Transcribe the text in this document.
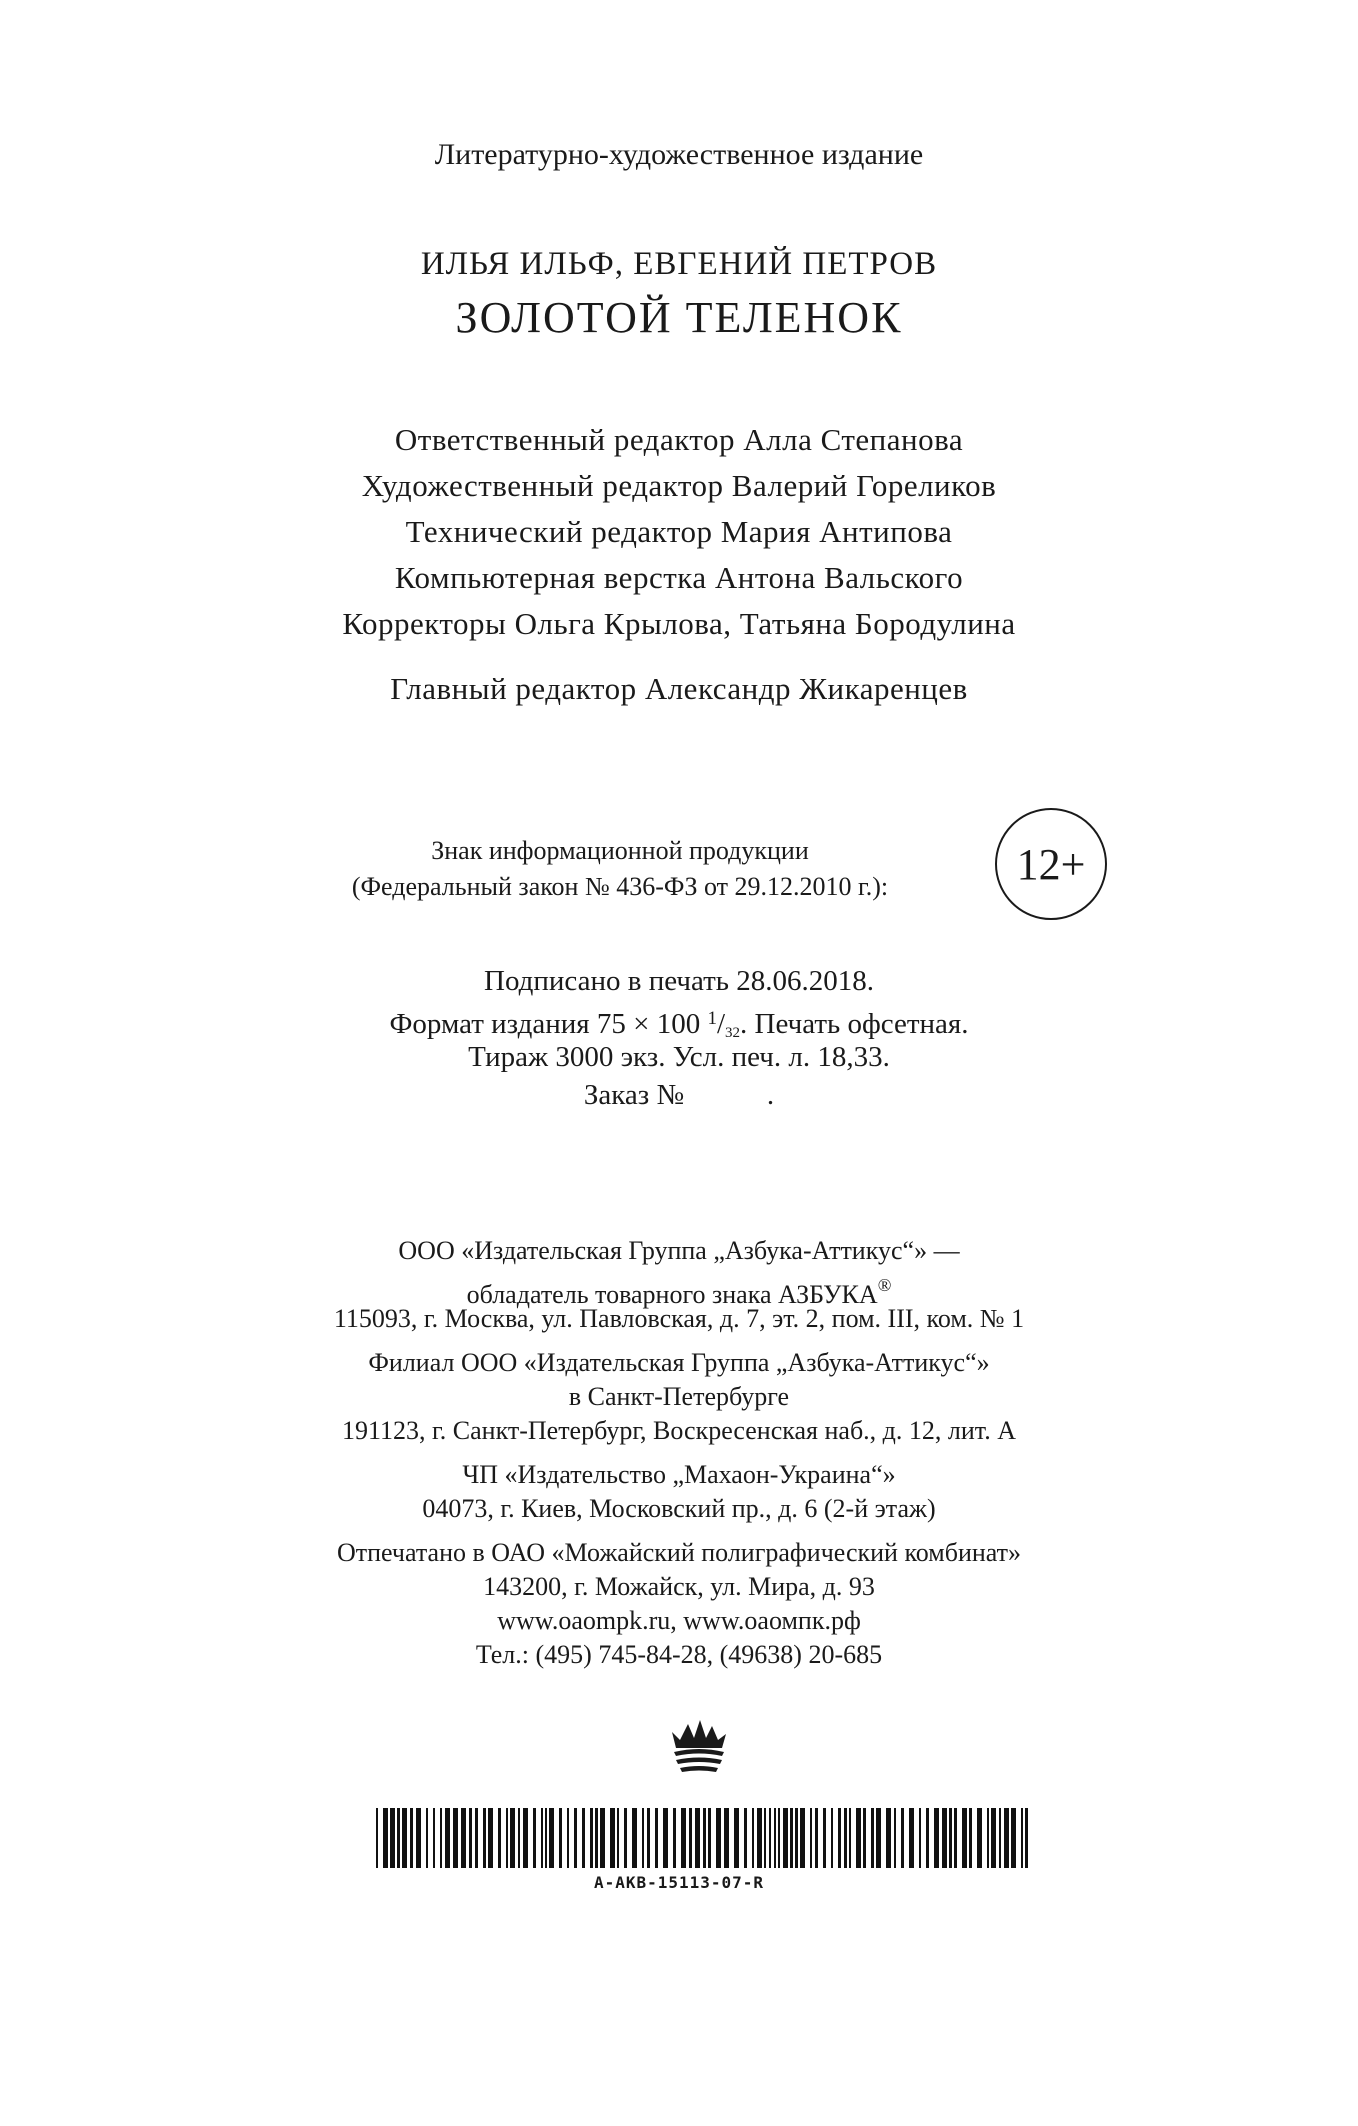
Литературно-художественное издание
ИЛЬЯ ИЛЬФ, ЕВГЕНИЙ ПЕТРОВ
ЗОЛОТОЙ ТЕЛЕНОК
Ответственный редактор Алла Степанова
Художественный редактор Валерий Гореликов
Технический редактор Мария Антипова
Компьютерная верстка Антона Вальского
Корректоры Ольга Крылова, Татьяна Бородулина
Главный редактор Александр Жикаренцев
Знак информационной продукции
(Федеральный закон № 436-ФЗ от 29.12.2010 г.):	12+
Подписано в печать 28.06.2018.
Формат издания 75 × 100 $^1/_{32}$. Печать офсетная.
Тираж 3000 экз. Усл. печ. л. 18,33.
Заказ №	.
ООО «Издательская Группа „Азбука-Аттикус“» —
обладатель товарного знака АЗБУКА®
115093, г. Москва, ул. Павловская, д. 7, эт. 2, пом. III, ком. № 1
Филиал ООО «Издательская Группа „Азбука-Аттикус“»
в Санкт-Петербурге
191123, г. Санкт-Петербург, Воскресенская наб., д. 12, лит. А
ЧП «Издательство „Махаон-Украина“»
04073, г. Киев, Московский пр., д. 6 (2-й этаж)
Отпечатано в ОАО «Можайский полиграфический комбинат»
143200, г. Можайск, ул. Мира, д. 93
www.oaompk.ru, www.оаомпк.рф
Тел.: (495) 745-84-28, (49638) 20-685
A-AKB-15113-07-R
